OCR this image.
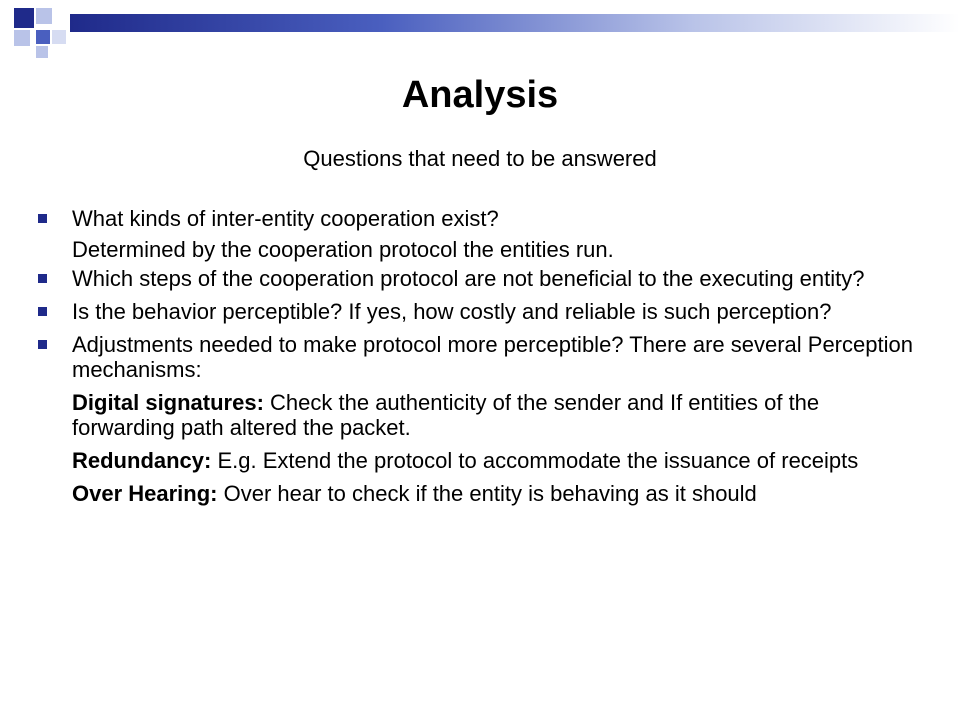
Analysis
Questions that need to be answered
What kinds of inter-entity cooperation exist?
Determined by the cooperation protocol the entities run.
Which steps of the cooperation protocol are not beneficial to the executing entity?
Is the behavior perceptible? If yes, how costly and reliable is such perception?
Adjustments needed to make protocol more perceptible? There are several Perception mechanisms:
Digital signatures: Check the authenticity of the sender and If entities of the forwarding path altered the packet.
Redundancy: E.g. Extend the protocol to accommodate the issuance of receipts
Over Hearing: Over hear to check if the entity is behaving as it should
